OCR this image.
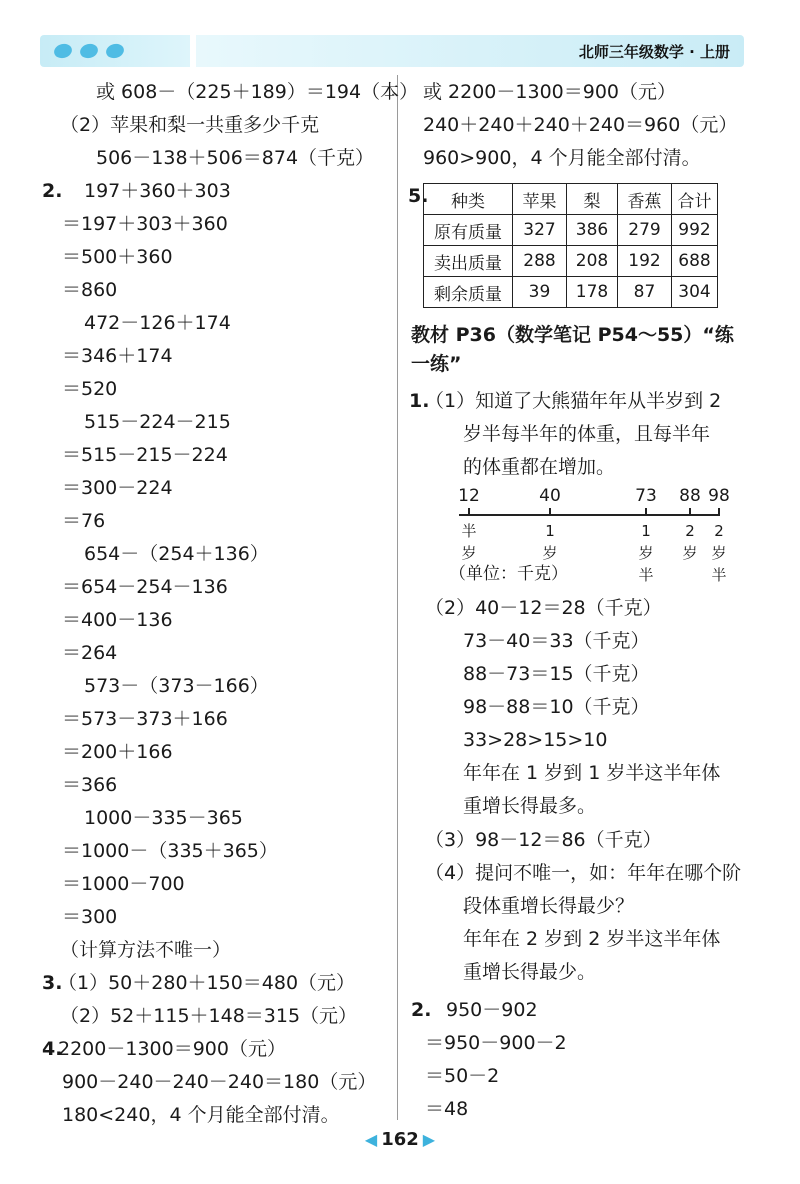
北师三年级数学 · 上册
或 608－（225＋189）＝194（本）
（2）苹果和梨一共重多少千克
506－138＋506＝874（千克）
2. 197＋360＋303
＝197＋303＋360
＝500＋360
＝860
472－126＋174
＝346＋174
＝520
515－224－215
＝515－215－224
＝300－224
＝76
654－（254＋136）
＝654－254－136
＝400－136
＝264
573－（373－166）
＝573－373＋166
＝200＋166
＝366
1000－335－365
＝1000－（335＋365）
＝1000－700
＝300
（计算方法不唯一）
3.
（1）50＋280＋150＝480（元）
（2）52＋115＋148＝315（元）
4.
2200－1300＝900（元）
900－240－240－240＝180（元）
180<240，4 个月能全部付清。
或 2200－1300＝900（元）
240＋240＋240＋240＝960（元）
960>900，4 个月能全部付清。
5. 种类	苹果	梨	香蕉	合计
原有质量	327	386	279	992
卖出质量	288	208	192	688
剩余质量	39	178	87	304
教材 P36（数学笔记 P54～55）“练
一练”
1.
（1）知道了大熊猫年年从半岁到 2
岁半每半年的体重，且每半年
的体重都在增加。
12	40	73	88 98
半
岁
1
岁
1
岁
半
2
岁
2
岁
半
（单位：千克）
（2）40－12＝28（千克）
73－40＝33（千克）
88－73＝15（千克）
98－88＝10（千克）
33>28>15>10
年年在 1 岁到 1 岁半这半年体
重增长得最多。
（3）98－12＝86（千克）
（4）提问不唯一，如：年年在哪个阶
段体重增长得最少？
年年在 2 岁到 2 岁半这半年体
重增长得最少。
2. 950－902
＝950－900－2
＝50－2
＝48
◀ 162 ▶
